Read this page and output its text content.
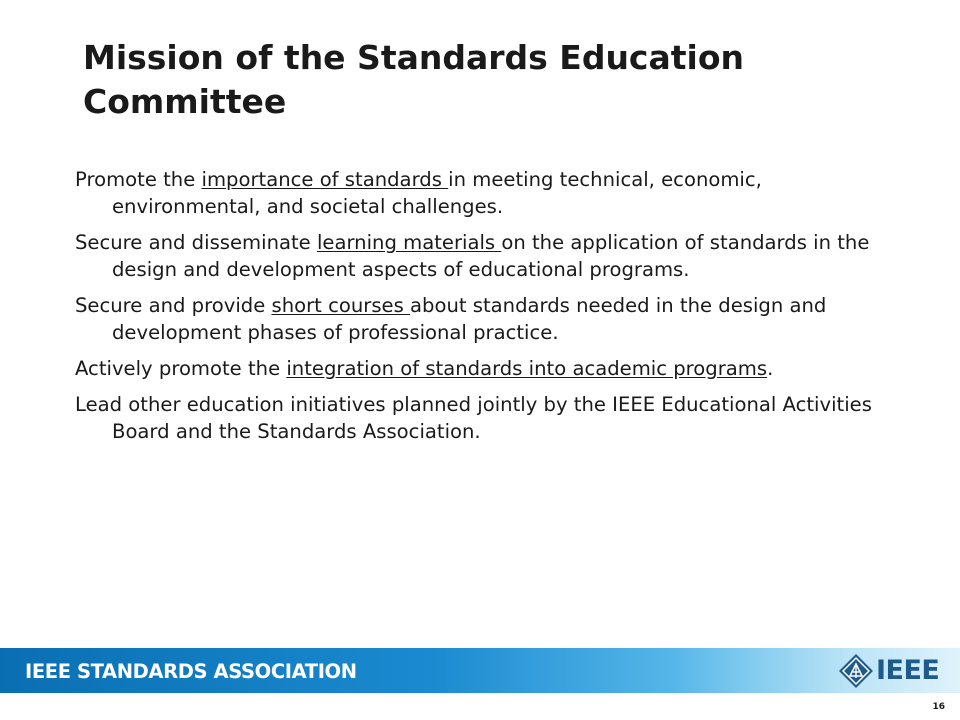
Mission of the Standards Education Committee
Promote the importance of standards in meeting technical, economic, environmental, and societal challenges.
Secure and disseminate learning materials on the application of standards in the design and development aspects of educational programs.
Secure and provide short courses about standards needed in the design and development phases of professional practice.
Actively promote the integration of standards into academic programs.
Lead other education initiatives planned jointly by the IEEE Educational Activities Board and the Standards Association.
IEEE STANDARDS ASSOCIATION	IEEE
16
